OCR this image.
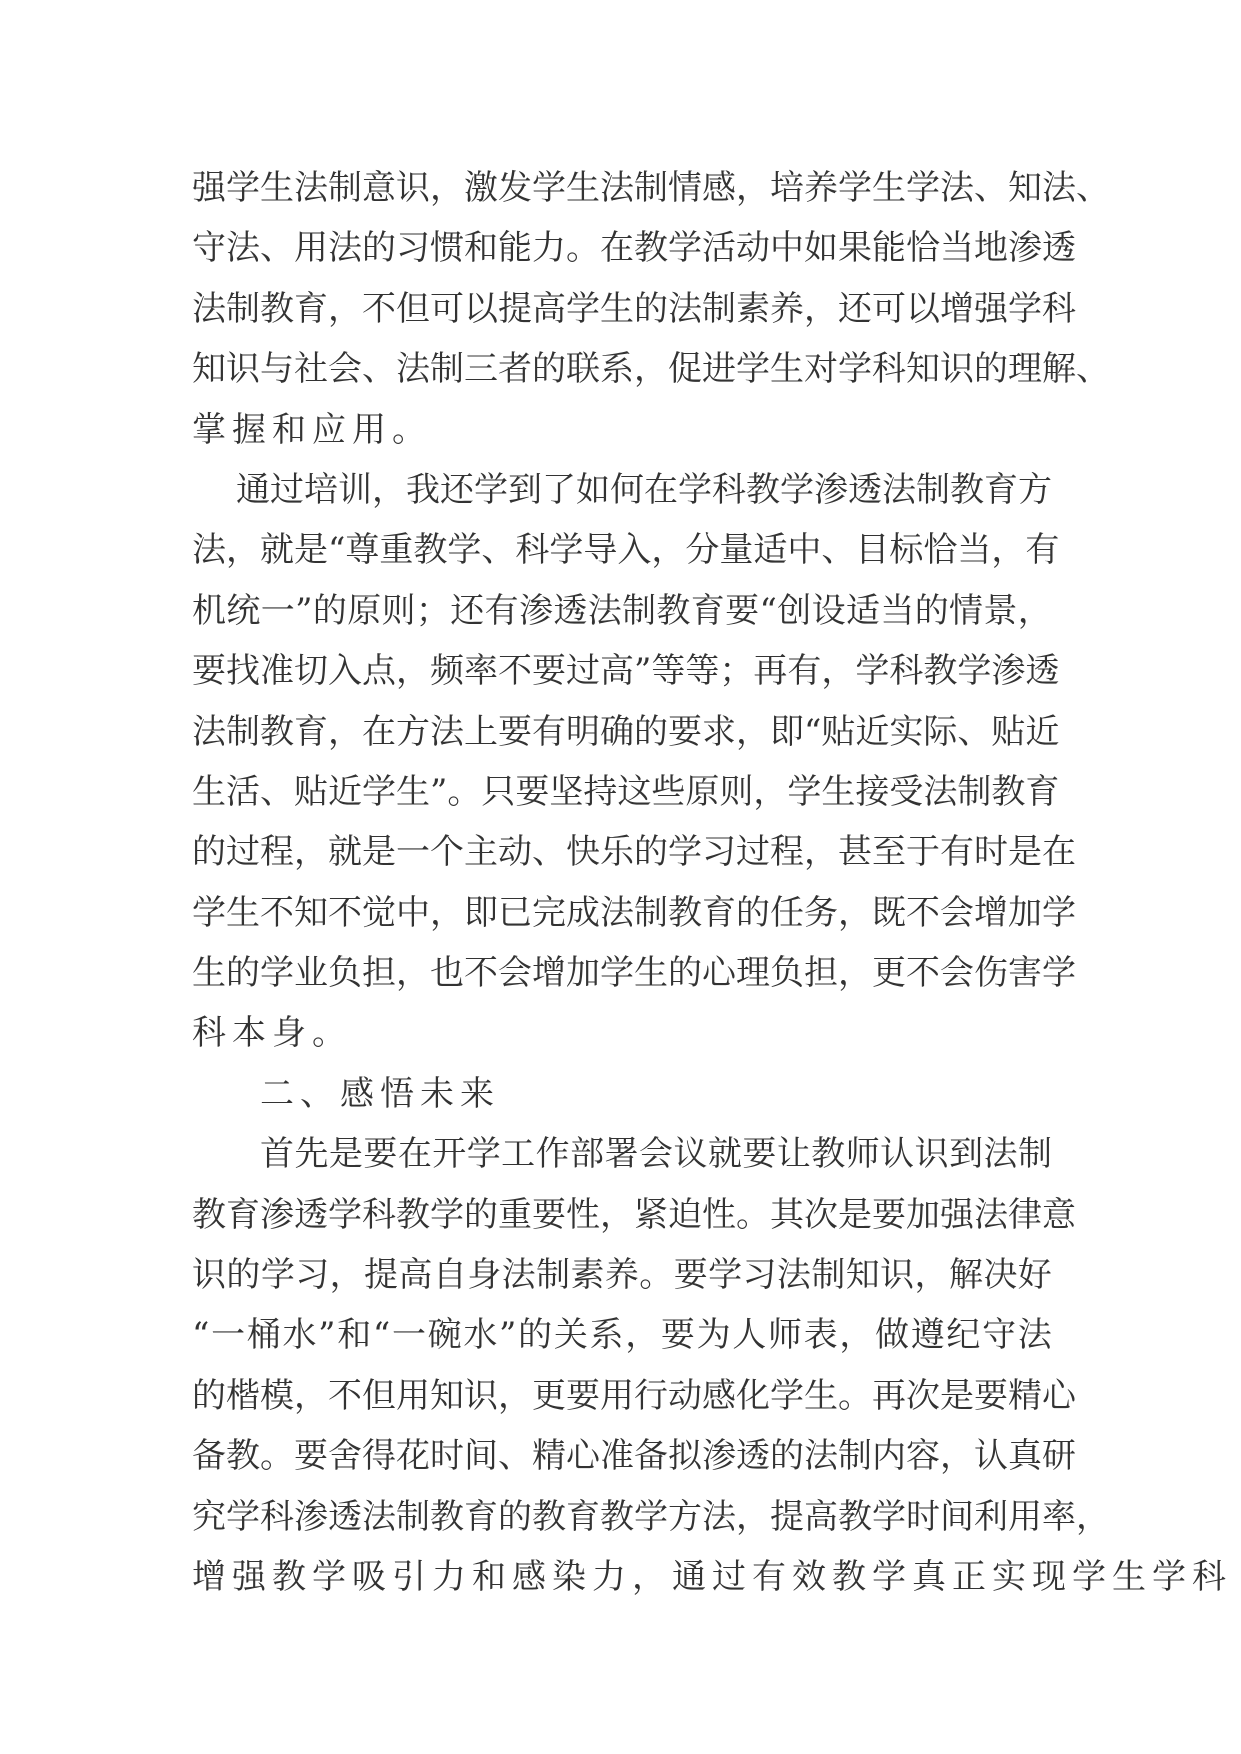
强 学 生 法 制 意 识 ， 激 发 学 生 法 制 情 感 ， 培 养 学 生 学 法 、 知 法 、
守 法 、 用 法 的 习 惯 和 能 力 。 在 教 学 活 动 中 如 果 能 恰 当 地 渗 透
法 制 教 育 ， 不 但 可 以 提 高 学 生 的 法 制 素 养 ， 还 可 以 增 强 学 科
知 识 与 社 会 、 法 制 三 者 的 联 系 ， 促 进 学 生 对 学 科 知 识 的 理 解 、
掌握和应用。
通 过 培 训 ， 我 还 学 到 了 如 何 在 学 科 教 学 渗 透 法 制 教 育 方
法 ， 就 是 “ 尊 重 教 学 、 科 学 导 入 ， 分 量 适 中 、 目 标 恰 当 ， 有
机 统 一 ” 的 原 则 ； 还 有 渗 透 法 制 教 育 要 “ 创 设 适 当 的 情 景 ，
要 找 准 切 入 点 ， 频 率 不 要 过 高 ” 等 等 ； 再 有 ， 学 科 教 学 渗 透
法 制 教 育 ， 在 方 法 上 要 有 明 确 的 要 求 ， 即 “ 贴 近 实 际 、 贴 近
生 活 、 贴 近 学 生 ” 。 只 要 坚 持 这 些 原 则 ， 学 生 接 受 法 制 教 育
的 过 程 ， 就 是 一 个 主 动 、 快 乐 的 学 习 过 程 ， 甚 至 于 有 时 是 在
学 生 不 知 不 觉 中 ， 即 已 完 成 法 制 教 育 的 任 务 ， 既 不 会 增 加 学
生 的 学 业 负 担 ， 也 不 会 增 加 学 生 的 心 理 负 担 ， 更 不 会 伤 害 学
科本身。
二、感悟未来
首 先 是 要 在 开 学 工 作 部 署 会 议 就 要 让 教 师 认 识 到 法 制
教 育 渗 透 学 科 教 学 的 重 要 性 ， 紧 迫 性 。 其 次 是 要 加 强 法 律 意
识 的 学 习 ， 提 高 自 身 法 制 素 养 。 要 学 习 法 制 知 识 ， 解 决 好
“ 一 桶 水 ” 和 “ 一 碗 水 ” 的 关 系 ， 要 为 人 师 表 ， 做 遵 纪 守 法
的 楷 模 ， 不 但 用 知 识 ， 更 要 用 行 动 感 化 学 生 。 再 次 是 要 精 心
备 教 。 要 舍 得 花 时 间 、 精 心 准 备 拟 渗 透 的 法 制 内 容 ， 认 真 研
究 学 科 渗 透 法 制 教 育 的 教 育 教 学 方 法 ， 提 高 教 学 时 间 利 用 率 ，
增强教学吸引力和感染力，通过有效教学真正实现学生学科
